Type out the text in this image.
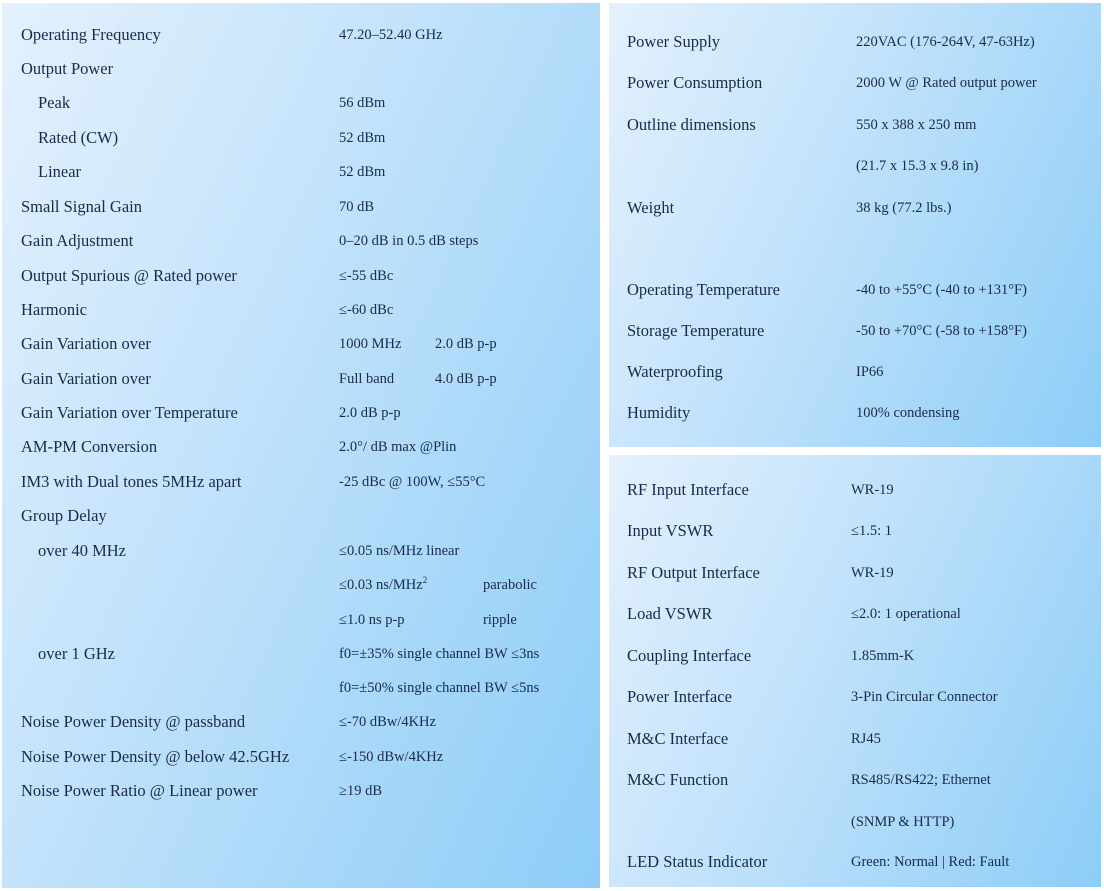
Operating Frequency	47.20–52.40 GHz
Output Power
Peak	56 dBm
Rated (CW)	52 dBm
Linear	52 dBm
Small Signal Gain	70 dB
Gain Adjustment	0–20 dB in 0.5 dB steps
Output Spurious @ Rated power	≤-55 dBc
Harmonic	≤-60 dBc
Gain Variation over	1000 MHz 2.0 dB p-p
Gain Variation over	Full band	4.0 dB p-p
Gain Variation over Temperature	2.0 dB p-p
AM-PM Conversion	2.0°/ dB max @Plin
IM3 with Dual tones 5MHz apart	-25 dBc @ 100W, ≤55°C
Group Delay
over 40 MHz	≤0.05 ns/MHz linear
≤0.03 ns/MHz$^2$	parabolic
≤1.0 ns p-p	ripple
over 1 GHz	f0=±35% single channel BW ≤3ns
f0=±50% single channel BW ≤5ns
Noise Power Density @ passband	≤-70 dBw/4KHz
Noise Power Density @ below 42.5GHz	≤-150 dBw/4KHz
Noise Power Ratio @ Linear power	≥19 dB
Power Supply	220VAC (176-264V, 47-63Hz)
Power Consumption	2000 W @ Rated output power
Outline dimensions	550 x 388 x 250 mm
(21.7 x 15.3 x 9.8 in)
Weight	38 kg (77.2 lbs.)
Operating Temperature	-40 to +55°C (-40 to +131°F)
Storage Temperature	-50 to +70°C (-58 to +158°F)
Waterproofing	IP66
Humidity	100% condensing
RF Input Interface	WR-19
Input VSWR	≤1.5: 1
RF Output Interface	WR-19
Load VSWR	≤2.0: 1 operational
Coupling Interface	1.85mm-K
Power Interface	3-Pin Circular Connector
M&C Interface	RJ45
M&C Function	RS485/RS422; Ethernet
(SNMP & HTTP)
LED Status Indicator	Green: Normal | Red: Fault
